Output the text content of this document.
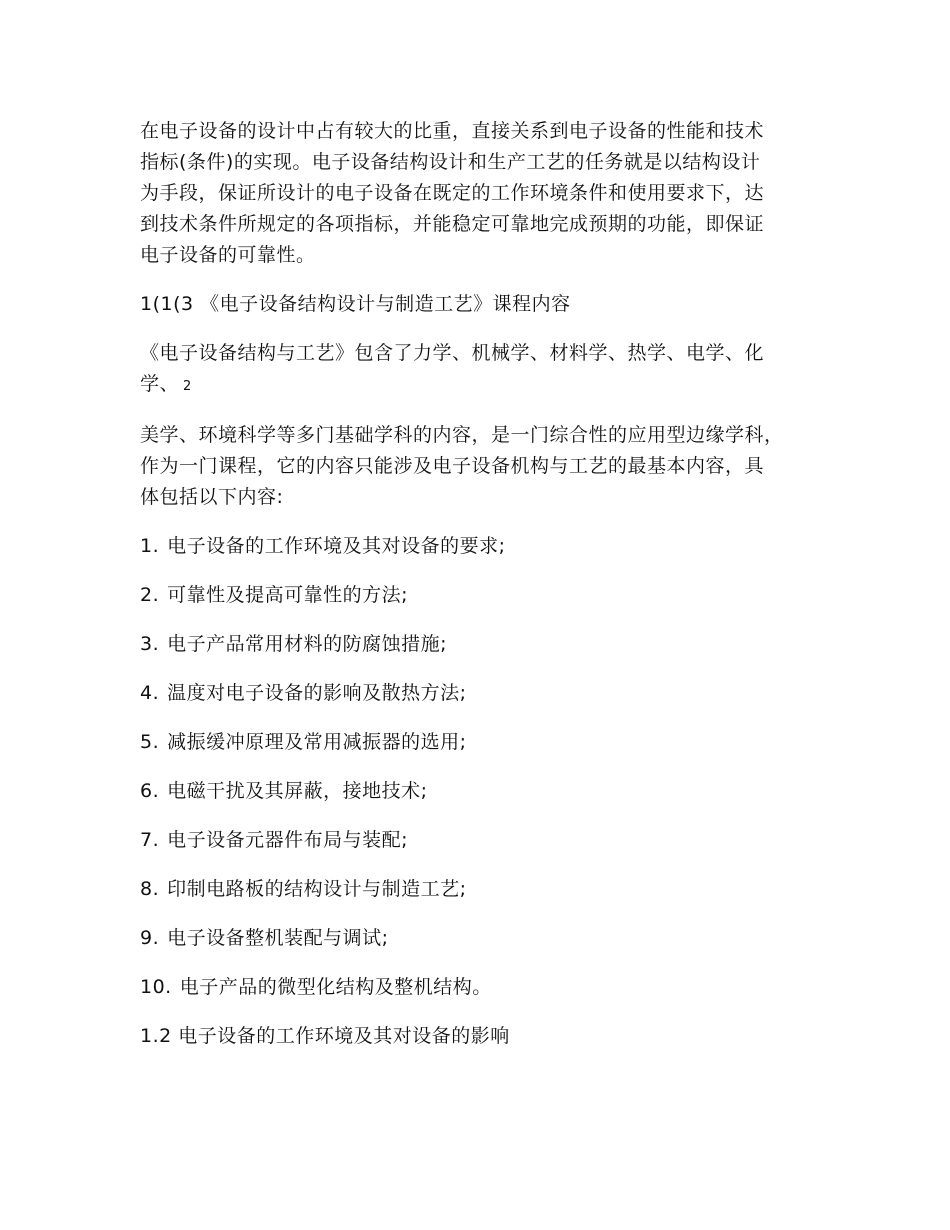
在电子设备的设计中占有较大的比重，直接关系到电子设备的性能和技术
指标(条件)的实现。电子设备结构设计和生产工艺的任务就是以结构设计
为手段，保证所设计的电子设备在既定的工作环境条件和使用要求下，达
到技术条件所规定的各项指标，并能稳定可靠地完成预期的功能，即保证
电子设备的可靠性。

1(1(3 《电子设备结构设计与制造工艺》课程内容

《电子设备结构与工艺》包含了力学、机械学、材料学、热学、电学、化
学、 2

美学、环境科学等多门基础学科的内容，是一门综合性的应用型边缘学科，
作为一门课程，它的内容只能涉及电子设备机构与工艺的最基本内容，具
体包括以下内容:

1. 电子设备的工作环境及其对设备的要求;
2. 可靠性及提高可靠性的方法;
3. 电子产品常用材料的防腐蚀措施;
4. 温度对电子设备的影响及散热方法;
5. 减振缓冲原理及常用减振器的选用;
6. 电磁干扰及其屏蔽，接地技术;
7. 电子设备元器件布局与装配;
8. 印制电路板的结构设计与制造工艺;
9. 电子设备整机装配与调试;
10. 电子产品的微型化结构及整机结构。

1.2 电子设备的工作环境及其对设备的影响
